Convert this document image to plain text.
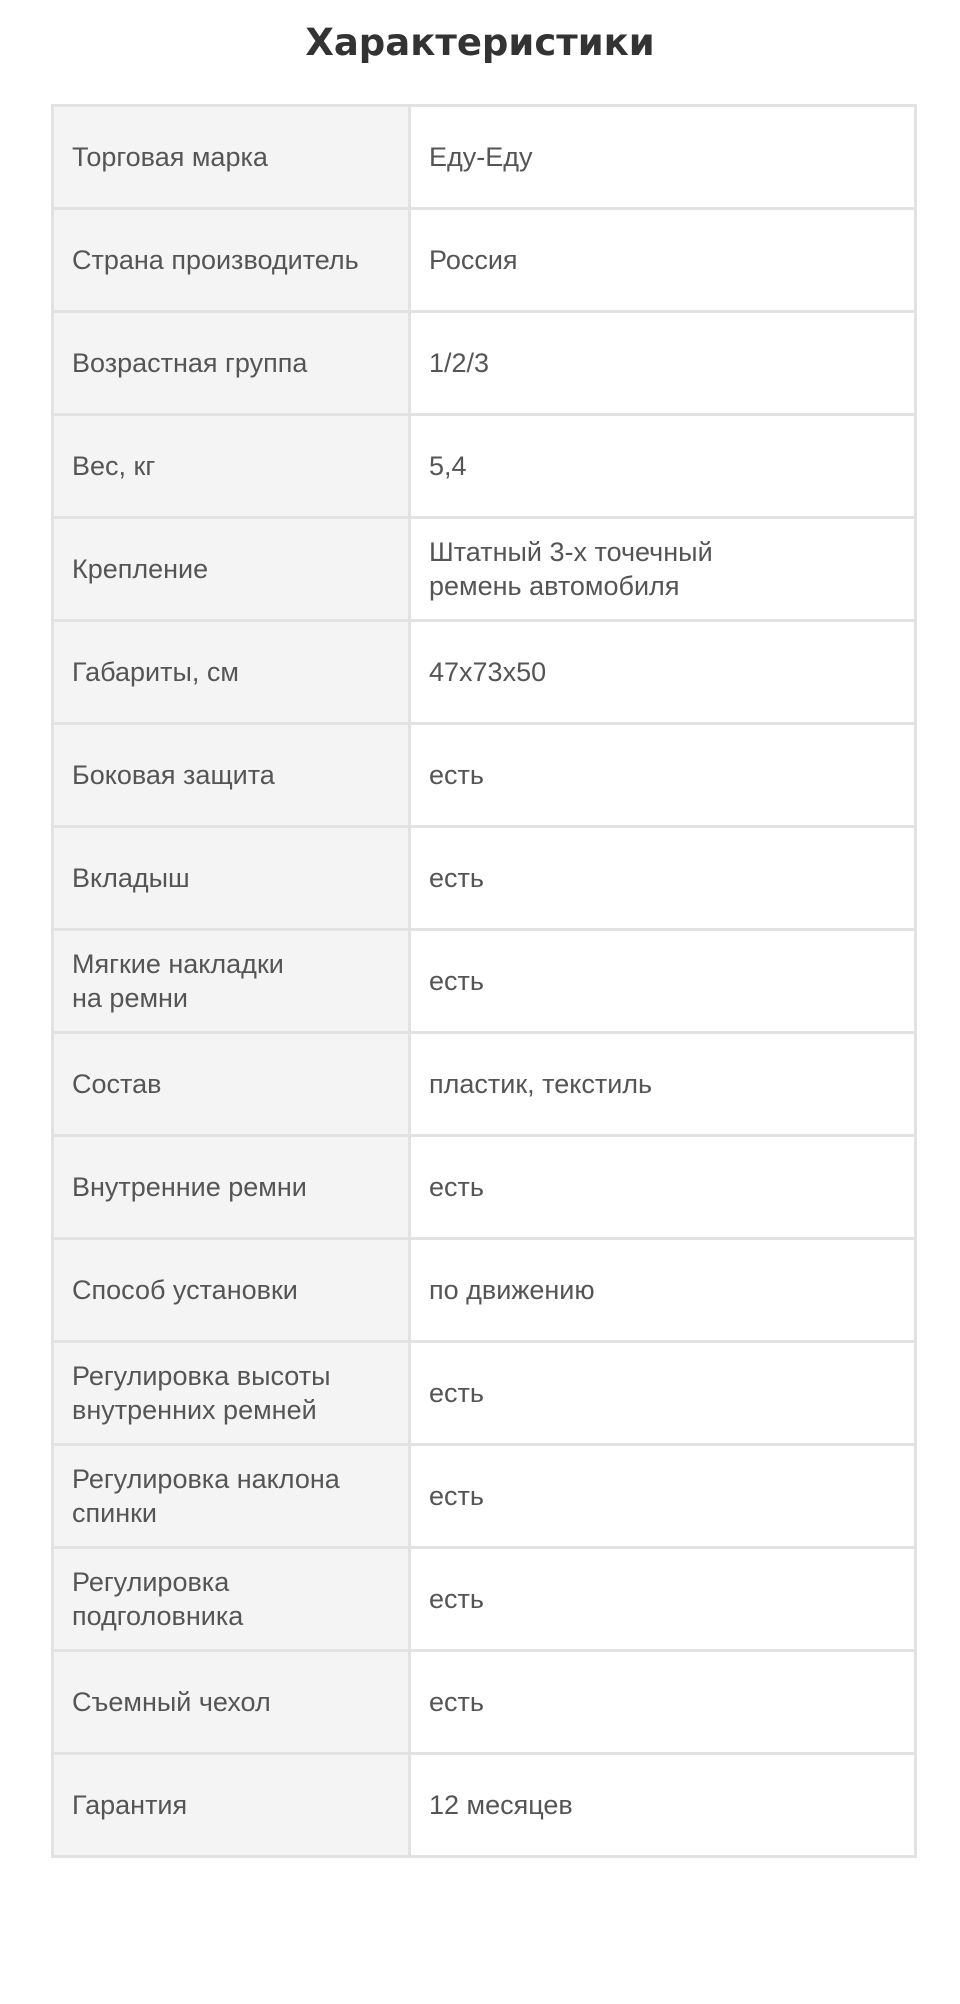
Характеристики
Торговая марка	Еду-Еду

Страна производитель	Россия

Возрастная группа	1/2/3

Вес, кг	5,4

Крепление	Штатный 3-х точечный
ремень автомобиля

Габариты, см	47x73x50

Боковая защита	есть

Вкладыш	есть

Мягкие накладки
на ремни	есть

Состав	пластик, текстиль

Внутренние ремни	есть

Способ установки	по движению

Регулировка высоты
внутренних ремней	есть

Регулировка наклона
спинки	есть

Регулировка
подголовника	есть

Съемный чехол	есть

Гарантия	12 месяцев
